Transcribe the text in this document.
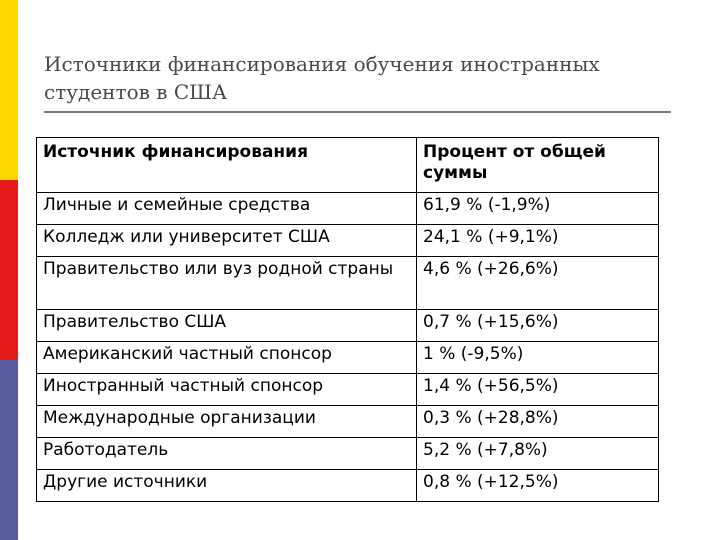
Источники финансирования обучения иностранных
студентов в США
Источник финансирования	Процент от общей суммы
Личные и семейные средства	61,9 % (-1,9%)
Колледж или университет США	24,1 % (+9,1%)
Правительство или вуз родной страны	4,6 % (+26,6%)
Правительство США	0,7 % (+15,6%)
Американский частный спонсор	1 % (-9,5%)
Иностранный частный спонсор	1,4 % (+56,5%)
Международные организации	0,3 % (+28,8%)
Работодатель	5,2 % (+7,8%)
Другие источники	0,8 % (+12,5%)
